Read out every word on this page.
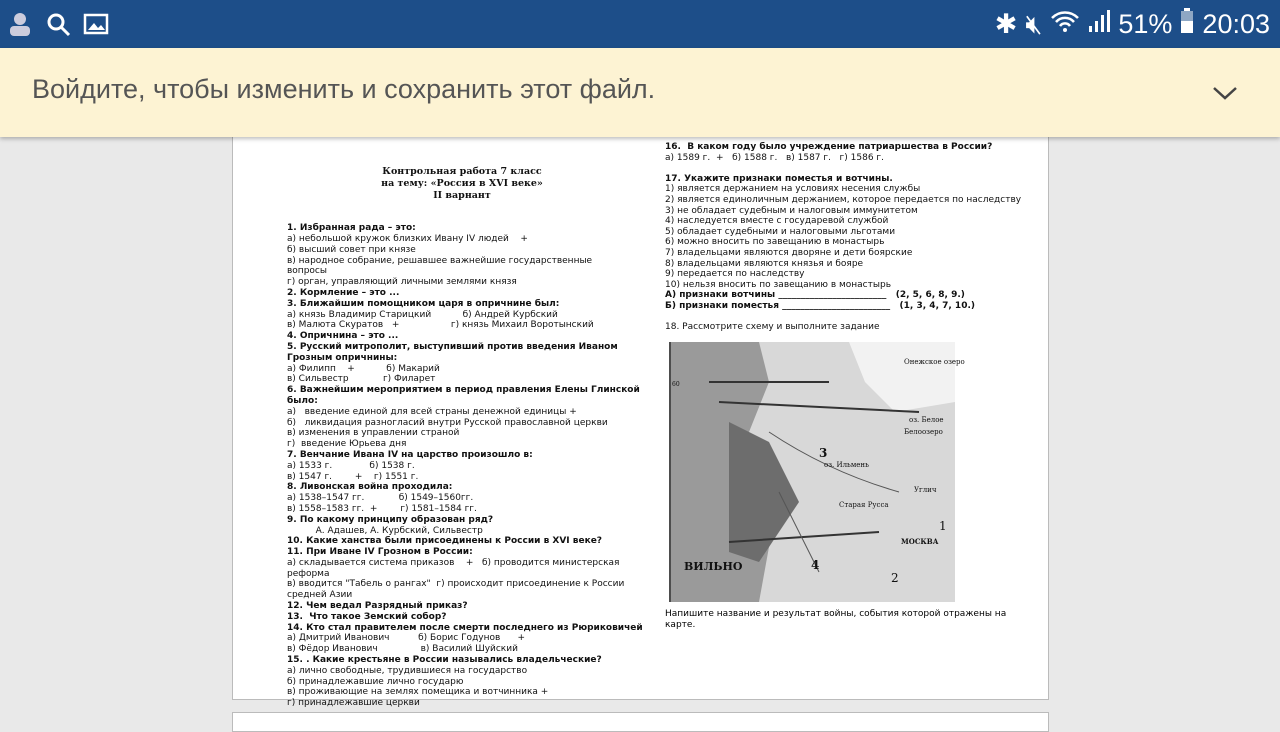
✱ 🔇︎	51% 20:03
Войдите, чтобы изменить и сохранить этот файл.

Контрольная работа 7 класс
на тему: «Россия в XVI веке»
II варнант

1. Избранная рада – это:
а) небольшой кружок близких Ивану IV людей    +
б) высший совет при князе
в) народное собрание, решавшее важнейшие государственные
вопросы
г) орган, управляющий личными землями князя
2. Кормление – это ...
3. Ближайшим помощником царя в опричнине был:
а) князь Владимир Старицкий           б) Андрей Курбский
в) Малюта Скуратов   +                  г) князь Михаил Воротынский
4. Опричнина – это ...
5. Русский митрополит, выступивший против введения Иваном
Грозным опричнины:
а) Филипп    +           б) Макарий
в) Сильвестр            г) Филарет
6. Важнейшим мероприятием в период правления Елены Глинской
было:
а)   введение единой для всей страны денежной единицы +
б)   ликвидация разногласий внутри Русской православной церкви
в) изменения в управлении страной
г)  введение Юрьева дня
7. Венчание Ивана IV на царство произошло в:
а) 1533 г.             б) 1538 г.
в) 1547 г.        +    г) 1551 г.
8. Ливонская война проходила:
а) 1538–1547 гг.            б) 1549–1560гг.
в) 1558–1583 гг.  +        г) 1581–1584 гг.
9. По какому принципу образован ряд?
А. Адашев, А. Курбский, Сильвестр
10. Какие ханства были присоединены к России в XVI веке?
11. При Иване IV Грозном в России:
а) складывается система приказов    +   б) проводится министерская
реформа
в) вводится "Табель о рангах"  г) происходит присоединение к России
средней Азии
12. Чем ведал Разрядный приказ?
13.  Что такое Земский собор?
14. Кто стал правителем после смерти последнего из Рюриковичей
а) Дмитрий Иванович          б) Борис Годунов      +
в) Фёдор Иванович               в) Василий Шуйский
15. . Какие крестьяне в России назывались владельческие?
а) лично свободные, трудившиеся на государство
б) принадлежавшие лично государю
в) проживающие на землях помещика и вотчинника +
г) принадлежавшие церкви

16.  В каком году было учреждение патриаршества в России?
а) 1589 г.  +   б) 1588 г.   в) 1587 г.   г) 1586 г.

17. Укажите признаки поместья и вотчины.
1) является держанием на условиях несения службы
2) является единоличным держанием, которое передается по наследству
3) не обладает судебным и налоговым иммунитетом
4) наследуется вместе с государевой службой
5) обладает судебными и налоговыми льготами
6) можно вносить по завещанию в монастырь
7) владельцами являются дворяне и дети боярские
8) владельцами являются князья и бояре
9) передается по наследству
10) нельзя вносить по завещанию в монастырь
А) признаки вотчины ________________________   (2, 5, 6, 8, 9.)
Б) признаки поместья ________________________   (1, 3, 4, 7, 10.)

18. Рассмотрите схему и выполните задание
Онежское озеро
оз. Белое
Белоозеро
оз. Ильмень
Старая Русса
Углич
МОСКВА
ВИЛЬНО
1
2
3
4
60
Напишите название и результат войны, события которой отражены на карте.
